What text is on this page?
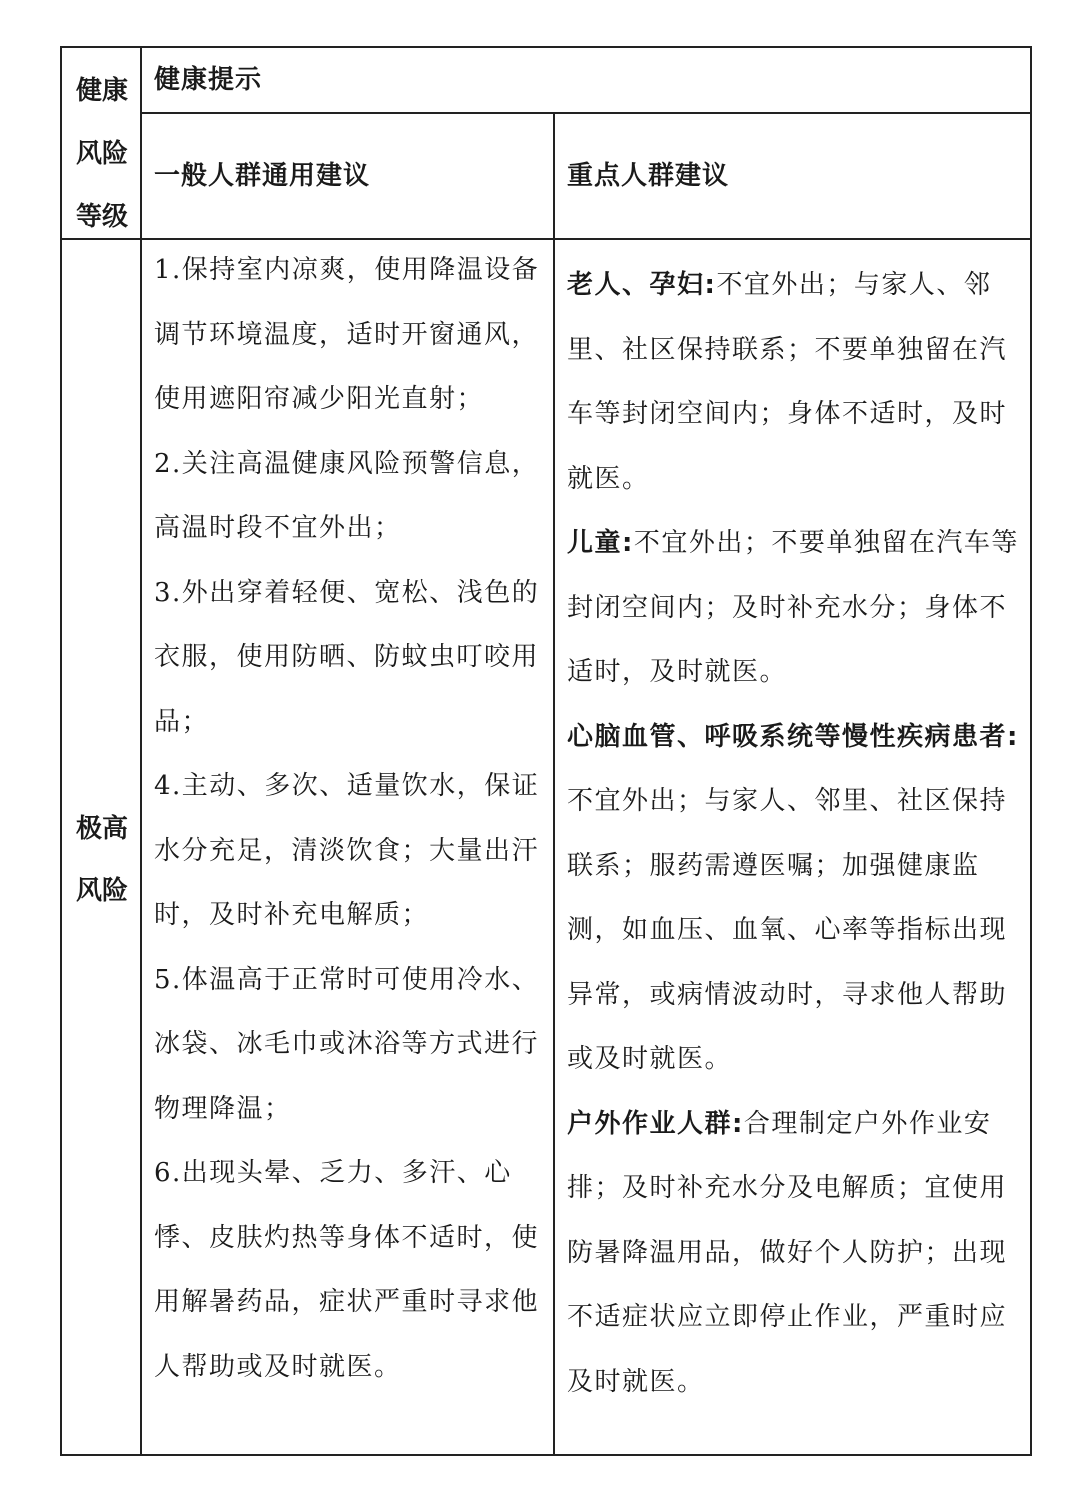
健康
风险
等级
健康提示
一般人群通用建议	重点人群建议
极高
风险

1.保持室内凉爽，使用降温设备调节环境温度，适时开窗通风，使用遮阳帘减少阳光直射；

2.关注高温健康风险预警信息，高温时段不宜外出；

3.外出穿着轻便、宽松、浅色的衣服，使用防晒、防蚊虫叮咬用品；

4.主动、多次、适量饮水，保证水分充足，清淡饮食；大量出汗时，及时补充电解质；

5.体温高于正常时可使用冷水、冰袋、冰毛巾或沐浴等方式进行物理降温；

6.出现头晕、乏力、多汗、心悸、皮肤灼热等身体不适时，使用解暑药品，症状严重时寻求他人帮助或及时就医。

老人、孕妇:不宜外出；与家人、邻里、社区保持联系；不要单独留在汽车等封闭空间内；身体不适时，及时就医。

儿童:不宜外出；不要单独留在汽车等封闭空间内；及时补充水分；身体不适时，及时就医。

心脑血管、呼吸系统等慢性疾病患者:不宜外出；与家人、邻里、社区保持联系；服药需遵医嘱；加强健康监测，如血压、血氧、心率等指标出现异常，或病情波动时，寻求他人帮助或及时就医。

户外作业人群:合理制定户外作业安排；及时补充水分及电解质；宜使用防暑降温用品，做好个人防护；出现不适症状应立即停止作业，严重时应及时就医。
